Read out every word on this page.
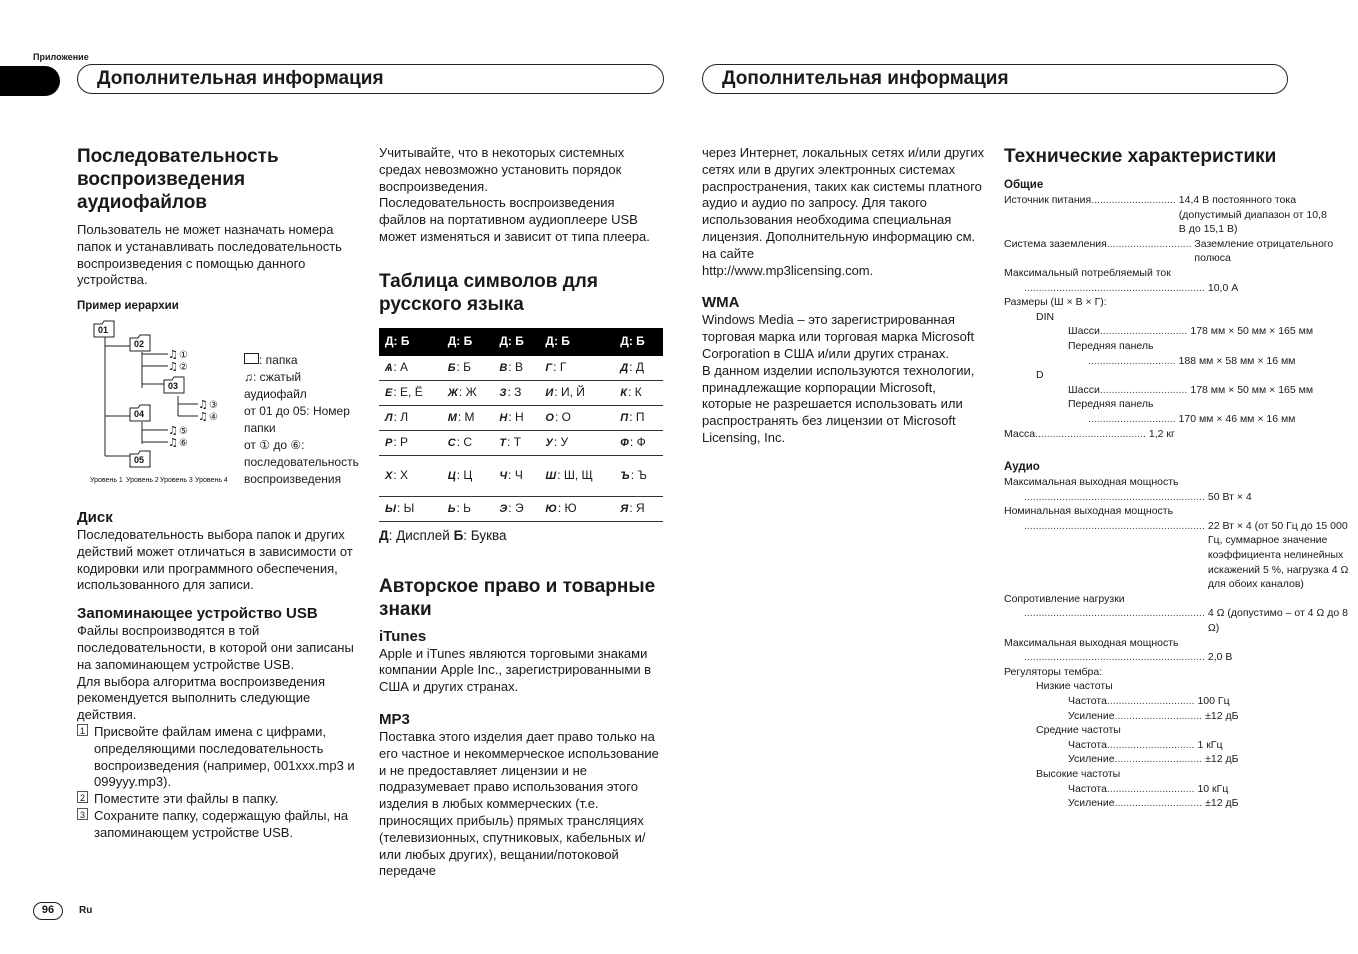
Приложение
Дополнительная информация	Дополнительная информация
Последовательность воспроизведения аудиофайлов

Пользователь не может назначать номера папок и устанавливать последовательность воспроизведения с помощью данного устройства.

Пример иерархии
01
02
03
04
05
♫ ①
♫ ②
♫ ③
♫ ④
♫ ⑤
♫ ⑥
Уровень 1 Уровень 2 Уровень 3 Уровень 4
: папка
♫: сжатый аудиофайл
от 01 до 05: Номер папки
от ① до ⑥: последовательность воспроизведения
Диск

Последовательность выбора папок и других действий может отличаться в зависимости от кодировки или программного обеспечения, использованного для записи.

Запоминающее устройство USB

Файлы воспроизводятся в той последовательности, в которой они записаны на запоминающем устройстве USB.

Для выбора алгоритма воспроизведения рекомендуется выполнить следующие действия.

1 Присвойте файлам имена с цифрами, определяющими последовательность воспроизведения (например, 001xxx.mp3 и 099yyy.mp3).
2 Поместите эти файлы в папку.
3 Сохраните папку, содержащую файлы, на запоминающем устройстве USB.

Учитывайте, что в некоторых системных средах невозможно установить порядок воспроизведения.

Последовательность воспроизведения файлов на портативном аудиоплеере USB может изменяться и зависит от типа плеера.

Таблица символов для русского языка
Д: Б	Д: Б	Д: Б	Д: Б	Д: Б
Ѧ : А	Б : Б	В : В	Г : Г	Д : Д
Е : Е, Ё	Ж : Ж	З : З	И : И, Й	К : К
Л : Л	М : М	Н : Н	О : О	П : П
Р : Р	С : С	Т : Т	У : У	Ф : Ф
Х : Х	Ц : Ц	Ч : Ч	Ш : Ш, Щ	Ъ : Ъ
Ы : Ы	Ь : Ь	Э : Э	Ю : Ю	Я : Я

Д: Дисплей Б: Буква

Авторское право и товарные знаки
iTunes

Apple и iTunes являются торговыми знаками компании Apple Inc., зарегистрированными в США и других странах.

MP3

Поставка этого изделия дает право только на его частное и некоммерческое использование и не предоставляет лицензии и не подразумевает право использования этого изделия в любых коммерческих (т.е. приносящих прибыль) прямых трансляциях (телевизионных, спутниковых, кабельных и/или любых других), вещании/потоковой передаче

через Интернет, локальных сетях и/или других сетях или в других электронных системах распространения, таких как системы платного аудио и аудио по запросу. Для такого использования необходима специальная лицензия. Дополнительную информацию см. на сайте

http://www.mp3licensing.com.

WMA

Windows Media – это зарегистрированная торговая марка или торговая марка Microsoft Corporation в США и/или других странах.

В данном изделии используются технологии, принадлежащие корпорации Microsoft, которые не разрешается использовать или распространять без лицензии от Microsoft Licensing, Inc.

Технические характеристики
Общие
Источник питания ............................. 14,4 В постоянного тока (допустимый диапазон от 10,8 В до 15,1 В)
Система заземления ............................. Заземление отрицательного полюса
Максимальный потребляемый ток
.............................................................. 10,0 А
Размеры (Ш × В × Г):
DIN
Шасси .............................. 178 мм × 50 мм × 165 мм
Передняя панель
.............................. 188 мм × 58 мм × 16 мм
D
Шасси .............................. 178 мм × 50 мм × 165 мм
Передняя панель
.............................. 170 мм × 46 мм × 16 мм
Масса ...................................... 1,2 кг
Аудио
Максимальная выходная мощность
.............................................................. 50 Вт × 4
Номинальная выходная мощность
.............................................................. 22 Вт × 4 (от 50 Гц до 15 000 Гц, суммарное значение коэффициента нелинейных искажений 5 %, нагрузка 4 Ω для обоих каналов)
Сопротивление нагрузки
.............................................................. 4 Ω (допустимо – от 4 Ω до 8 Ω)
Максимальная выходная мощность
.............................................................. 2,0 В
Регуляторы тембра:
Низкие частоты
Частота .............................. 100 Гц
Усиление .............................. ±12 дБ
Средние частоты
Частота .............................. 1 кГц
Усиление .............................. ±12 дБ
Высокие частоты
Частота .............................. 10 кГц
Усиление .............................. ±12 дБ
96	Ru
